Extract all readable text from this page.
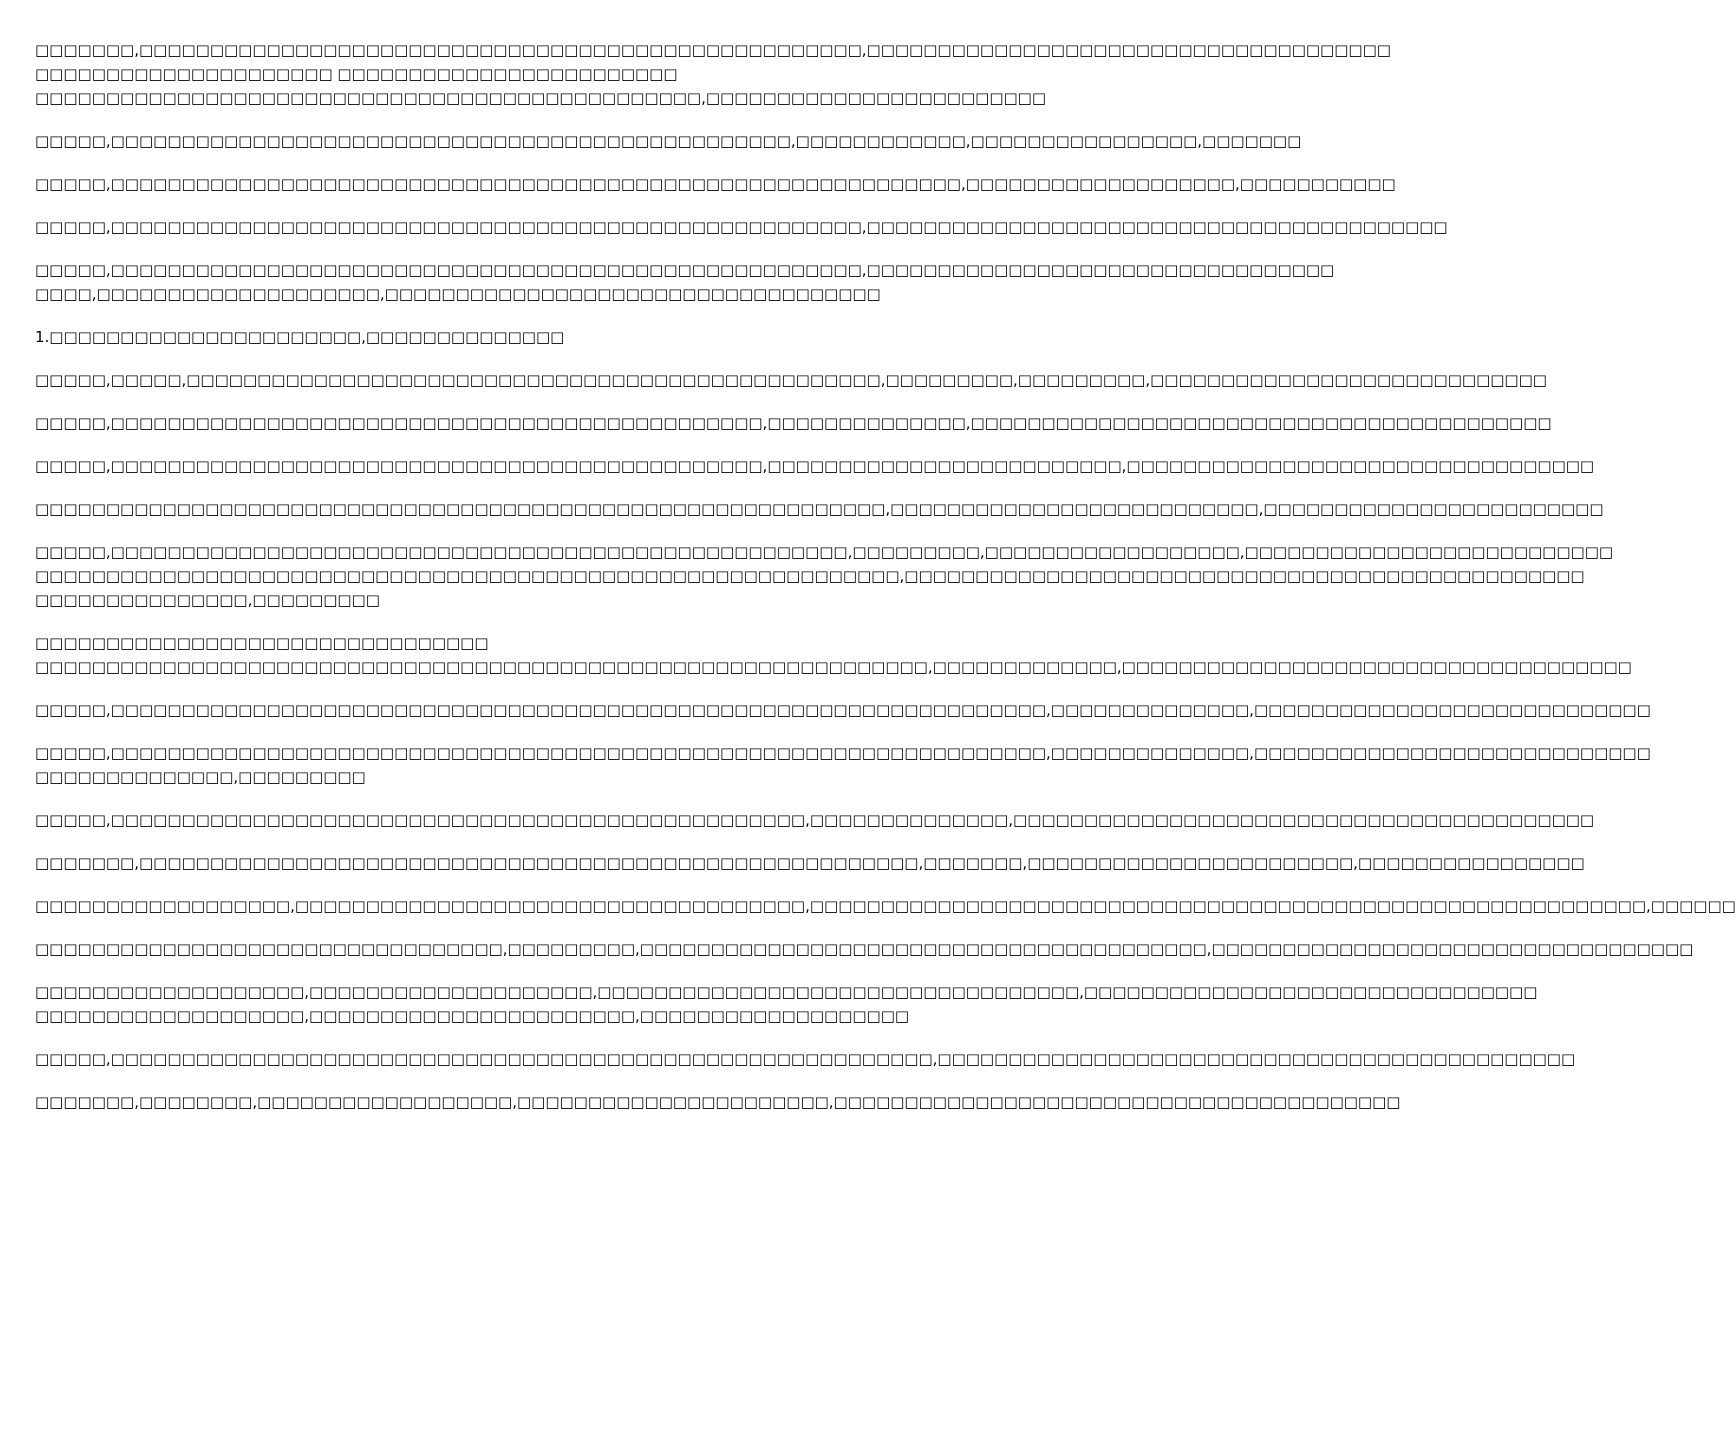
□□□□□□□,□□□□□□□□□□□□□□□□□□□□□□□□□□□□□□□□□□□□□□□□□□□□□□□□□□□,□□□□□□□□□□□□□□□□□□□□□□□□□□□□□□□□□□□□□
□□□□□□□□□□□□□□□□□□□□□ □□□□□□□□□□□□□□□□□□□□□□□□
□□□□□□□□□□□□□□□□□□□□□□□□□□□□□□□□□□□□□□□□□□□□□□□,□□□□□□□□□□□□□□□□□□□□□□□□

□□□□□,□□□□□□□□□□□□□□□□□□□□□□□□□□□□□□□□□□□□□□□□□□□□□□□□,□□□□□□□□□□□□,□□□□□□□□□□□□□□□□,□□□□□□□

□□□□□,□□□□□□□□□□□□□□□□□□□□□□□□□□□□□□□□□□□□□□□□□□□□□□□□□□□□□□□□□□□□,□□□□□□□□□□□□□□□□□□□,□□□□□□□□□□□

□□□□□,□□□□□□□□□□□□□□□□□□□□□□□□□□□□□□□□□□□□□□□□□□□□□□□□□□□□□,□□□□□□□□□□□□□□□□□□□□□□□□□□□□□□□□□□□□□□□□□

□□□□□,□□□□□□□□□□□□□□□□□□□□□□□□□□□□□□□□□□□□□□□□□□□□□□□□□□□□□,□□□□□□□□□□□□□□□□□□□□□□□□□□□□□□□□□
□□□□,□□□□□□□□□□□□□□□□□□□□,□□□□□□□□□□□□□□□□□□□□□□□□□□□□□□□□□□□

1.□□□□□□□□□□□□□□□□□□□□□□,□□□□□□□□□□□□□□

□□□□□,□□□□□,□□□□□□□□□□□□□□□□□□□□□□□□□□□□□□□□□□□□□□□□□□□□□□□□□,□□□□□□□□□,□□□□□□□□□,□□□□□□□□□□□□□□□□□□□□□□□□□□□□

□□□□□,□□□□□□□□□□□□□□□□□□□□□□□□□□□□□□□□□□□□□□□□□□□□□□,□□□□□□□□□□□□□□,□□□□□□□□□□□□□□□□□□□□□□□□□□□□□□□□□□□□□□□□□

□□□□□,□□□□□□□□□□□□□□□□□□□□□□□□□□□□□□□□□□□□□□□□□□□□□□,□□□□□□□□□□□□□□□□□□□□□□□□□,□□□□□□□□□□□□□□□□□□□□□□□□□□□□□□□□□

□□□□□□□□□□□□□□□□□□□□□□□□□□□□□□□□□□□□□□□□□□□□□□□□□□□□□□□□□□□□,□□□□□□□□□□□□□□□□□□□□□□□□□□,□□□□□□□□□□□□□□□□□□□□□□□□

□□□□□,□□□□□□□□□□□□□□□□□□□□□□□□□□□□□□□□□□□□□□□□□□□□□□□□□□□□,□□□□□□□□□,□□□□□□□□□□□□□□□□□□,□□□□□□□□□□□□□□□□□□□□□□□□□□
□□□□□□□□□□□□□□□□□□□□□□□□□□□□□□□□□□□□□□□□□□□□□□□□□□□□□□□□□□□□□,□□□□□□□□□□□□□□□□□□□□□□□□□□□□□□□□□□□□□□□□□□□□□□□□
□□□□□□□□□□□□□□□,□□□□□□□□□

□□□□□□□□□□□□□□□□□□□□□□□□□□□□□□□□
□□□□□□□□□□□□□□□□□□□□□□□□□□□□□□□□□□□□□□□□□□□□□□□□□□□□□□□□□□□□□□□,□□□□□□□□□□□□□,□□□□□□□□□□□□□□□□□□□□□□□□□□□□□□□□□□□□

□□□□□,□□□□□□□□□□□□□□□□□□□□□□□□□□□□□□□□□□□□□□□□□□□□□□□□□□□□□□□□□□□□□□□□□□,□□□□□□□□□□□□□□,□□□□□□□□□□□□□□□□□□□□□□□□□□□□

□□□□□,□□□□□□□□□□□□□□□□□□□□□□□□□□□□□□□□□□□□□□□□□□□□□□□□□□□□□□□□□□□□□□□□□□,□□□□□□□□□□□□□□,□□□□□□□□□□□□□□□□□□□□□□□□□□□□
□□□□□□□□□□□□□□,□□□□□□□□□

□□□□□,□□□□□□□□□□□□□□□□□□□□□□□□□□□□□□□□□□□□□□□□□□□□□□□□□,□□□□□□□□□□□□□□,□□□□□□□□□□□□□□□□□□□□□□□□□□□□□□□□□□□□□□□□□

□□□□□□□,□□□□□□□□□□□□□□□□□□□□□□□□□□□□□□□□□□□□□□□□□□□□□□□□□□□□□□□,□□□□□□□,□□□□□□□□□□□□□□□□□□□□□□□,□□□□□□□□□□□□□□□□

□□□□□□□□□□□□□□□□□□,□□□□□□□□□□□□□□□□□□□□□□□□□□□□□□□□□□□□,□□□□□□□□□□□□□□□□□□□□□□□□□□□□□□□□□□□□□□□□□□□□□□□□□□□□□□□□□□□,□□□□□□

□□□□□□□□□□□□□□□□□□□□□□□□□□□□□□□□□,□□□□□□□□□,□□□□□□□□□□□□□□□□□□□□□□□□□□□□□□□□□□□□□□□□,□□□□□□□□□□□□□□□□□□□□□□□□□□□□□□□□□□

□□□□□□□□□□□□□□□□□□□,□□□□□□□□□□□□□□□□□□□□,□□□□□□□□□□□□□□□□□□□□□□□□□□□□□□□□□□,□□□□□□□□□□□□□□□□□□□□□□□□□□□□□□□□
□□□□□□□□□□□□□□□□□□□,□□□□□□□□□□□□□□□□□□□□□□□,□□□□□□□□□□□□□□□□□□□

□□□□□,□□□□□□□□□□□□□□□□□□□□□□□□□□□□□□□□□□□□□□□□□□□□□□□□□□□□□□□□□□,□□□□□□□□□□□□□□□□□□□□□□□□□□□□□□□□□□□□□□□□□□□□□

□□□□□□□,□□□□□□□□,□□□□□□□□□□□□□□□□□□,□□□□□□□□□□□□□□□□□□□□□□,□□□□□□□□□□□□□□□□□□□□□□□□□□□□□□□□□□□□□□□□
